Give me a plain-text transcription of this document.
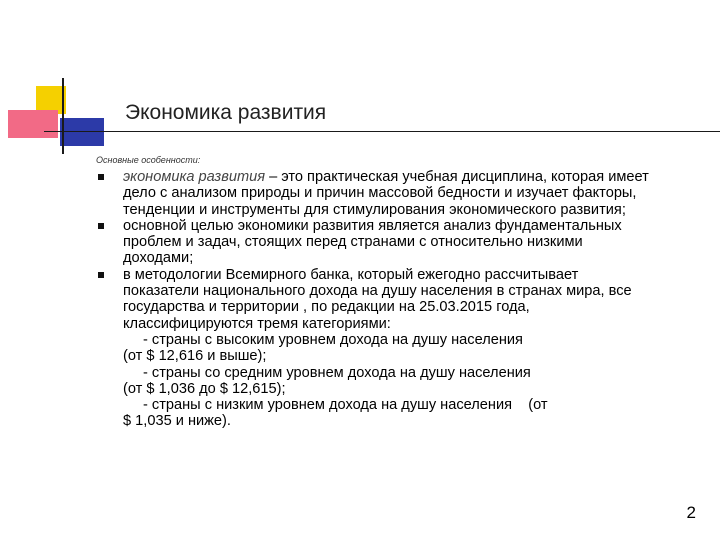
Экономика развития
Основные особенности:
экономика развития – это практическая учебная дисциплина, которая имеет дело с анализом природы и причин массовой бедности и изучает факторы, тенденции и инструменты для стимулирования экономического развития;
основной целью экономики развития является анализ фундаментальных проблем и задач, стоящих перед странами с относительно низкими доходами;
в методологии Всемирного банка, который ежегодно рассчитывает показатели национального дохода на душу населения в странах мира, все государства и территории , по редакции на 25.03.2015 года, классифицируются тремя категориями:
- страны с высоким уровнем дохода на душу населения
(от $ 12,616 и выше);
- страны со средним уровнем дохода на душу населения
(от $ 1,036 до $ 12,615);
- страны с низким уровнем дохода на душу населения    (от
$ 1,035 и ниже).
2
